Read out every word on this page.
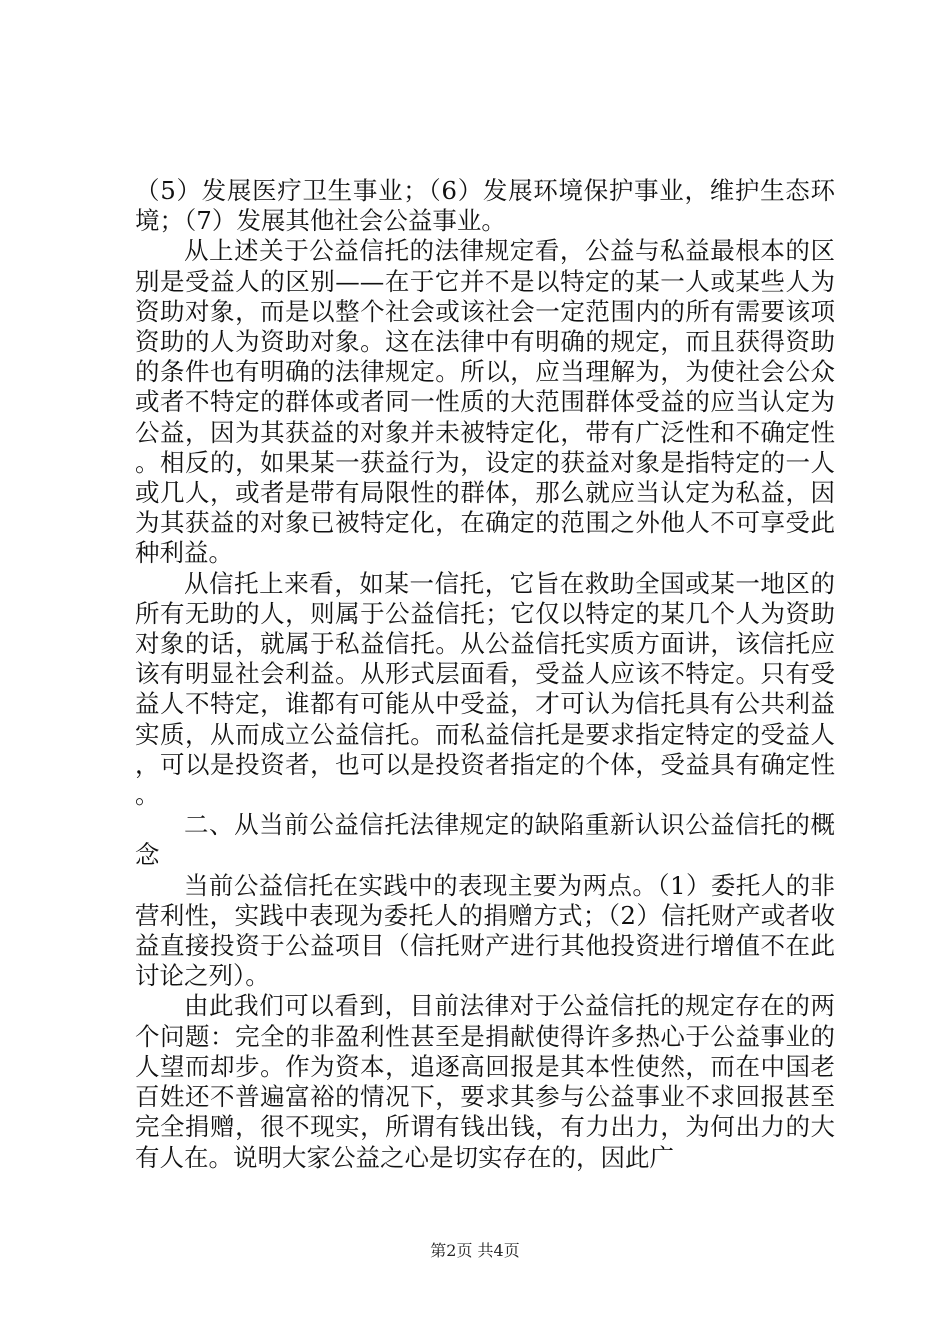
（5）发展医疗卫生事业；（6）发展环境保护事业，维护生态环境；（7）发展其他社会公益事业。

从上述关于公益信托的法律规定看，公益与私益最根本的区别是受益人的区别——在于它并不是以特定的某一人或某些人为资助对象，而是以整个社会或该社会一定范围内的所有需要该项资助的人为资助对象。这在法律中有明确的规定，而且获得资助的条件也有明确的法律规定。所以，应当理解为，为使社会公众或者不特定的群体或者同一性质的大范围群体受益的应当认定为公益，因为其获益的对象并未被特定化，带有广泛性和不确定性。相反的，如果某一获益行为，设定的获益对象是指特定的一人或几人，或者是带有局限性的群体，那么就应当认定为私益，因为其获益的对象已被特定化，在确定的范围之外他人不可享受此种利益。

从信托上来看，如某一信托，它旨在救助全国或某一地区的所有无助的人，则属于公益信托；它仅以特定的某几个人为资助对象的话，就属于私益信托。从公益信托实质方面讲，该信托应该有明显社会利益。从形式层面看，受益人应该不特定。只有受益人不特定，谁都有可能从中受益，才可认为信托具有公共利益实质，从而成立公益信托。而私益信托是要求指定特定的受益人，可以是投资者，也可以是投资者指定的个体，受益具有确定性。

二、从当前公益信托法律规定的缺陷重新认识公益信托的概念

当前公益信托在实践中的表现主要为两点。（1）委托人的非营利性，实践中表现为委托人的捐赠方式；（2）信托财产或者收益直接投资于公益项目（信托财产进行其他投资进行增值不在此讨论之列）。

由此我们可以看到，目前法律对于公益信托的规定存在的两个问题：完全的非盈利性甚至是捐献使得许多热心于公益事业的人望而却步。作为资本，追逐高回报是其本性使然，而在中国老百姓还不普遍富裕的情况下，要求其参与公益事业不求回报甚至完全捐赠，很不现实，所谓有钱出钱，有力出力，为何出力的大有人在。说明大家公益之心是切实存在的，因此广

第2页 共4页
